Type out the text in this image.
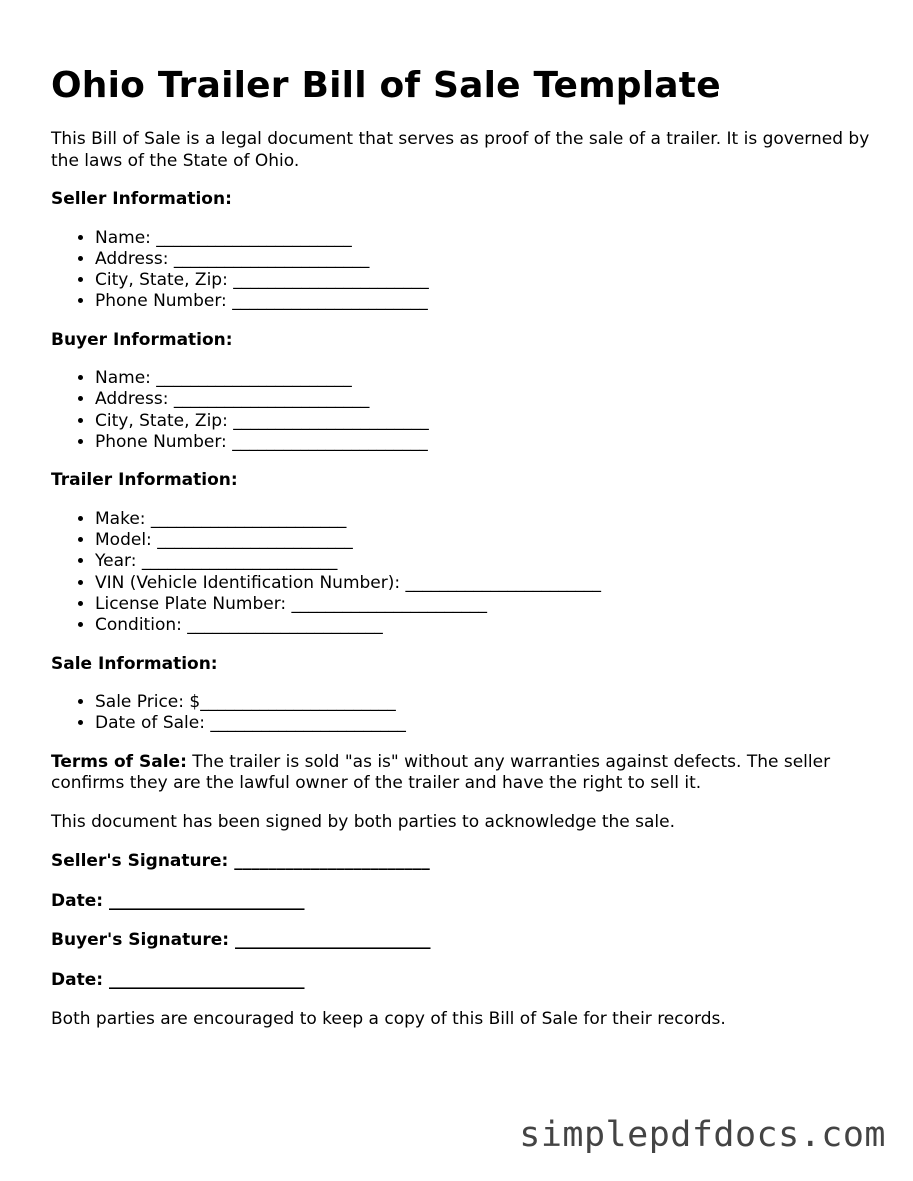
Ohio Trailer Bill of Sale Template

This Bill of Sale is a legal document that serves as proof of the sale of a trailer. It is governed by the laws of the State of Ohio.

Seller Information:

• Name: _______________________
• Address: _______________________
• City, State, Zip: _______________________
• Phone Number: _______________________

Buyer Information:

• Name: _______________________
• Address: _______________________
• City, State, Zip: _______________________
• Phone Number: _______________________

Trailer Information:

• Make: _______________________
• Model: _______________________
• Year: _______________________
• VIN (Vehicle Identification Number): _______________________
• License Plate Number: _______________________
• Condition: _______________________

Sale Information:

• Sale Price: $_______________________
• Date of Sale: _______________________

Terms of Sale: The trailer is sold "as is" without any warranties against defects. The seller confirms they are the lawful owner of the trailer and have the right to sell it.

This document has been signed by both parties to acknowledge the sale.

Seller's Signature: _______________________

Date: _______________________

Buyer's Signature: _______________________

Date: _______________________

Both parties are encouraged to keep a copy of this Bill of Sale for their records.

simplepdfdocs.com
